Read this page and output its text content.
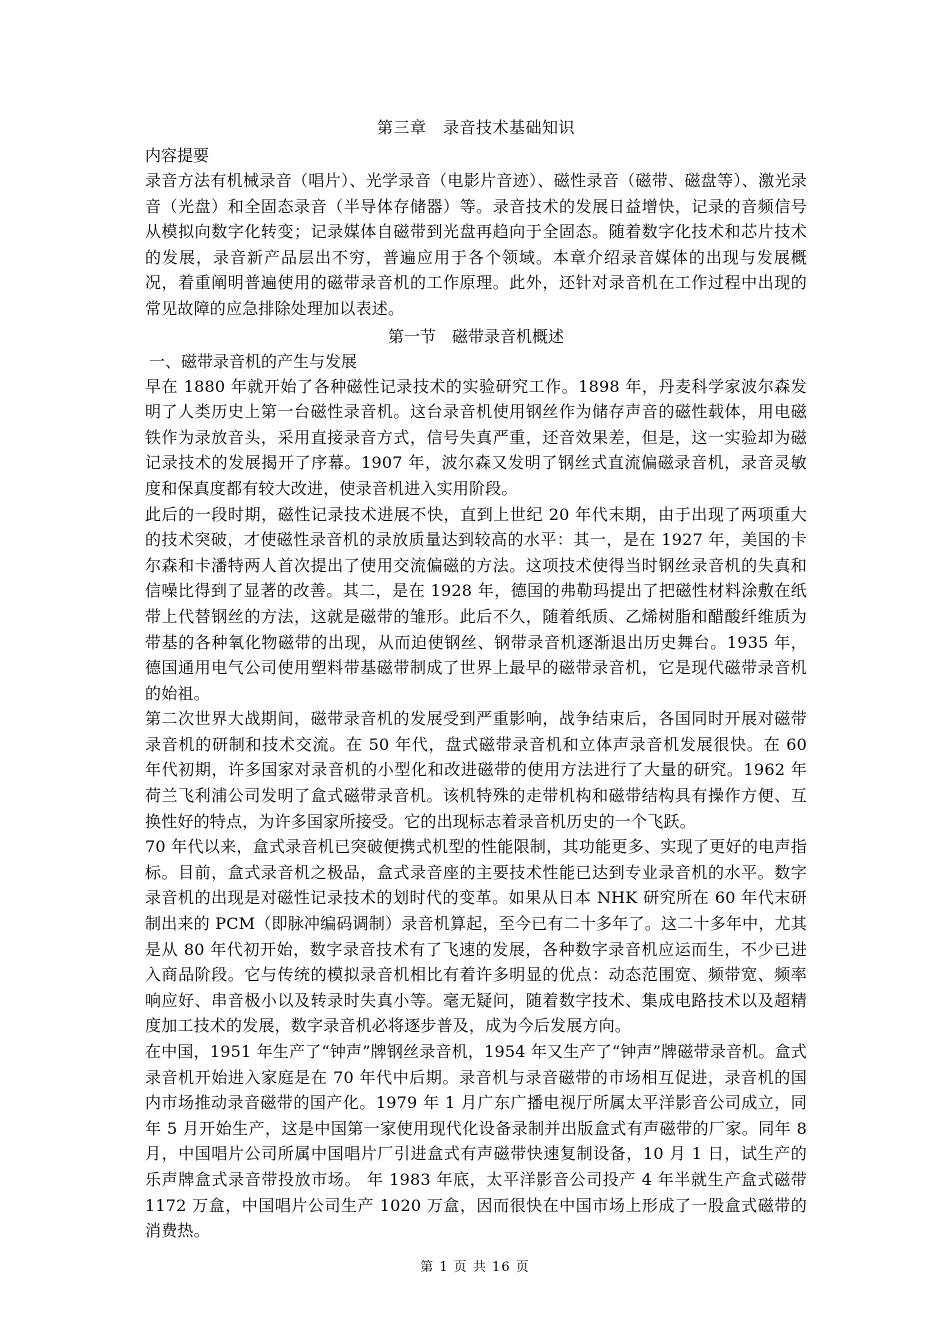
第三章　录音技术基础知识
内容提要

录音方法有机械录音（唱片）、光学录音（电影片音迹）、磁性录音（磁带、磁盘等）、激光录音（光盘）和全固态录音（半导体存储器）等。录音技术的发展日益增快，记录的音频信号从模拟向数字化转变；记录媒体自磁带到光盘再趋向于全固态。随着数字化技术和芯片技术的发展，录音新产品层出不穷，普遍应用于各个领域。本章介绍录音媒体的出现与发展概况，着重阐明普遍使用的磁带录音机的工作原理。此外，还针对录音机在工作过程中出现的常见故障的应急排除处理加以表述。

第一节　磁带录音机概述
一、磁带录音机的产生与发展

早在 1880 年就开始了各种磁性记录技术的实验研究工作。1898 年，丹麦科学家波尔森发明了人类历史上第一台磁性录音机。这台录音机使用钢丝作为储存声音的磁性载体，用电磁铁作为录放音头，采用直接录音方式，信号失真严重，还音效果差，但是，这一实验却为磁记录技术的发展揭开了序幕。1907 年，波尔森又发明了钢丝式直流偏磁录音机，录音灵敏度和保真度都有较大改进，使录音机进入实用阶段。

此后的一段时期，磁性记录技术进展不快，直到上世纪 20 年代末期，由于出现了两项重大的技术突破，才使磁性录音机的录放质量达到较高的水平：其一，是在 1927 年，美国的卡尔森和卡潘特两人首次提出了使用交流偏磁的方法。这项技术使得当时钢丝录音机的失真和信噪比得到了显著的改善。其二，是在 1928 年，德国的弗勒玛提出了把磁性材料涂敷在纸带上代替钢丝的方法，这就是磁带的雏形。此后不久，随着纸质、乙烯树脂和醋酸纤维质为带基的各种氧化物磁带的出现，从而迫使钢丝、钢带录音机逐渐退出历史舞台。1935 年，德国通用电气公司使用塑料带基磁带制成了世界上最早的磁带录音机，它是现代磁带录音机的始祖。

第二次世界大战期间，磁带录音机的发展受到严重影响，战争结束后，各国同时开展对磁带录音机的研制和技术交流。在 50 年代，盘式磁带录音机和立体声录音机发展很快。在 60 年代初期，许多国家对录音机的小型化和改进磁带的使用方法进行了大量的研究。1962 年荷兰飞利浦公司发明了盒式磁带录音机。该机特殊的走带机构和磁带结构具有操作方便、互换性好的特点，为许多国家所接受。它的出现标志着录音机历史的一个飞跃。

70 年代以来，盒式录音机已突破便携式机型的性能限制，其功能更多、实现了更好的电声指标。目前，盒式录音机之极品，盒式录音座的主要技术性能已达到专业录音机的水平。数字录音机的出现是对磁性记录技术的划时代的变革。如果从日本 NHK 研究所在 60 年代末研制出来的 PCM（即脉冲编码调制）录音机算起，至今已有二十多年了。这二十多年中，尤其是从 80 年代初开始，数字录音技术有了飞速的发展，各种数字录音机应运而生，不少已进入商品阶段。它与传统的模拟录音机相比有着许多明显的优点：动态范围宽、频带宽、频率响应好、串音极小以及转录时失真小等。毫无疑问，随着数字技术、集成电路技术以及超精度加工技术的发展，数字录音机必将逐步普及，成为今后发展方向。

在中国，1951 年生产了“钟声”牌钢丝录音机，1954 年又生产了“钟声”牌磁带录音机。盒式录音机开始进入家庭是在 70 年代中后期。录音机与录音磁带的市场相互促进，录音机的国内市场推动录音磁带的国产化。1979 年 1 月广东广播电视厅所属太平洋影音公司成立，同年 5 月开始生产，这是中国第一家使用现代化设备录制并出版盒式有声磁带的厂家。同年 8 月，中国唱片公司所属中国唱片厂引进盒式有声磁带快速复制设备，10 月 1 日，试生产的乐声牌盒式录音带投放市场。 年 1983 年底，太平洋影音公司投产 4 年半就生产盒式磁带 1172 万盒，中国唱片公司生产 1020 万盒，因而很快在中国市场上形成了一股盒式磁带的消费热。

第 1 页 共 16 页
